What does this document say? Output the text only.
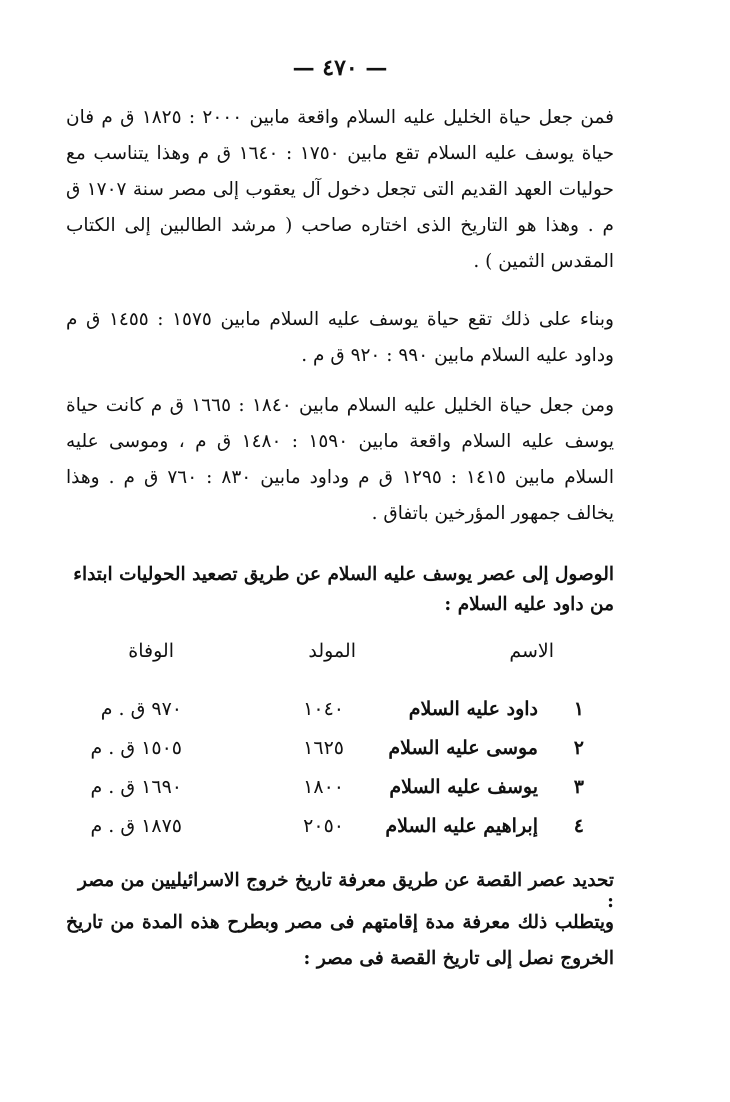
— ٤٧٠ —
فمن جعل حياة الخليل عليه السلام واقعة مابين ٢٠٠٠ : ١٨٢٥ ق م فان حياة يوسف عليه السلام تقع مابين ١٧٥٠ : ١٦٤٠ ق م وهذا يتناسب مع حوليات العهد القديم التى تجعل دخول آل يعقوب إلى مصر سنة ١٧٠٧ ق م . وهذا هو التاريخ الذى اختاره صاحب ( مرشد الطالبين إلى الكتاب المقدس الثمين ) .
وبناء على ذلك تقع حياة يوسف عليه السلام مابين ١٥٧٥ : ١٤٥٥ ق م وداود عليه السلام مابين ٩٩٠ : ٩٢٠ ق م .
ومن جعل حياة الخليل عليه السلام مابين ١٨٤٠ : ١٦٦٥ ق م كانت حياة يوسف عليه السلام واقعة مابين ١٥٩٠ : ١٤٨٠ ق م ، وموسى عليه السلام مابين ١٤١٥ : ١٢٩٥ ق م وداود مابين ٨٣٠ : ٧٦٠ ق م . وهذا يخالف جمهور المؤرخين باتفاق .
الوصول إلى عصر يوسف عليه السلام عن طريق تصعيد الحوليات ابتداء من داود عليه السلام :
الاسم
المولد
الوفاة
١
داود عليه السلام
١٠٤٠
٩٧٠ ق . م
٢
موسى عليه السلام
١٦٢٥
١٥٠٥ ق . م
٣
يوسف عليه السلام
١٨٠٠
١٦٩٠ ق . م
٤
إبراهيم عليه السلام
٢٠٥٠
١٨٧٥ ق . م
تحديد عصر القصة عن طريق معرفة تاريخ خروج الاسرائيليين من مصر :
ويتطلب ذلك معرفة مدة إقامتهم فى مصر وبطرح هذه المدة من تاريخ الخروج نصل إلى تاريخ القصة فى مصر :
